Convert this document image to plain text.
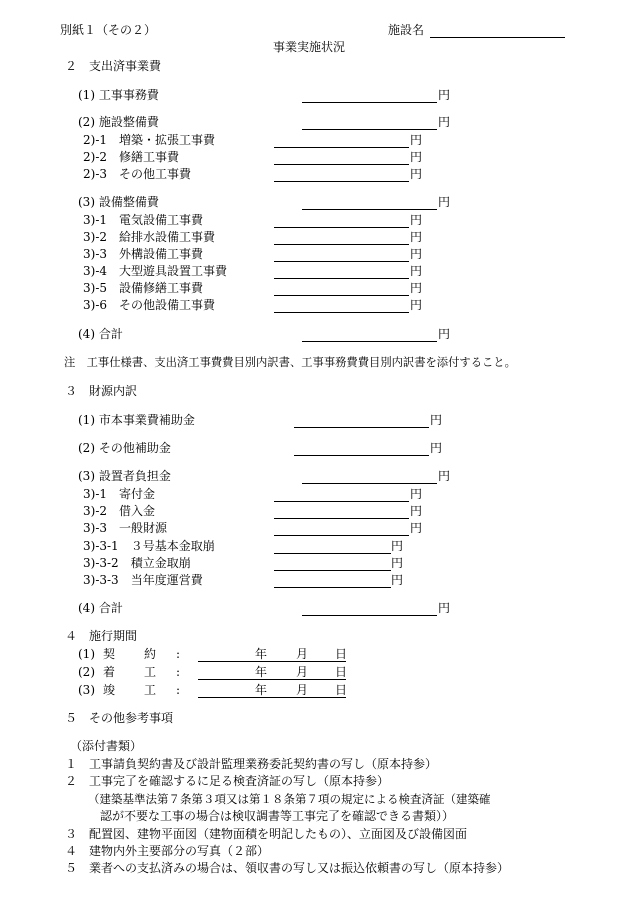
別紙１（その２）	施設名
事業実施状況
２　支出済事業費
(1) 工事事務費	円
(2) 施設整備費	円
2)-1　増築・拡張工事費	円
2)-2　修繕工事費	円
2)-3　その他工事費	円
(3) 設備整備費	円
3)-1　電気設備工事費	円
3)-2　給排水設備工事費	円
3)-3　外構設備工事費	円
3)-4　大型遊具設置工事費	円
3)-5　設備修繕工事費	円
3)-6　その他設備工事費	円
(4) 合計	円
注　工事仕様書、支出済工事費費目別内訳書、工事事務費費目別内訳書を添付すること。
３　財源内訳
(1) 市本事業費補助金	円
(2) その他補助金	円
(3) 設置者負担金	円
3)-1　寄付金	円
3)-2　借入金	円
3)-3　一般財源	円
3)-3-1　３号基本金取崩	円
3)-3-2　積立金取崩	円
3)-3-3　当年度運営費	円
(4) 合計	円
４　施行期間
(1) 契 約 :	年 月 日
(2) 着 工 :	年 月 日
(3) 竣 工 :	年 月 日
５　その他参考事項
（添付書類）
１　工事請負契約書及び設計監理業務委託契約書の写し（原本持参）
２　工事完了を確認するに足る検査済証の写し（原本持参）
（建築基準法第７条第３項又は第１８条第７項の規定による検査済証（建築確
認が不要な工事の場合は検収調書等工事完了を確認できる書類））
３　配置図、建物平面図（建物面積を明記したもの）、立面図及び設備図面
４　建物内外主要部分の写真（２部）
５　業者への支払済みの場合は、領収書の写し又は振込依頼書の写し（原本持参）
